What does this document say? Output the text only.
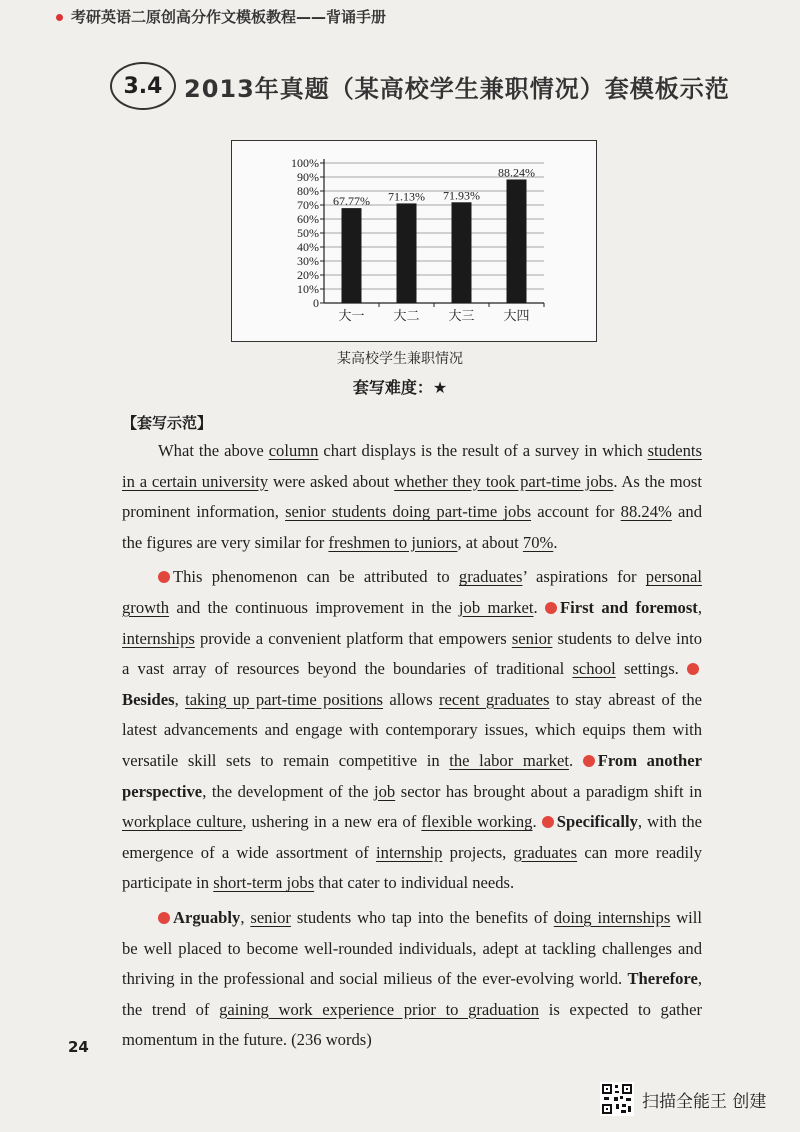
考研英语二原创高分作文模板教程——背诵手册
3.4 2013年真题（某高校学生兼职情况）套模板示范
0
10%
20%
30%
40%
50%
60%
70%
80%
90%
100%
67.77%
大一
71.13%
大二
71.93%
大三
88.24%
大四
某高校学生兼职情况
套写难度：★
【套写示范】

What the above column chart displays is the result of a survey in which students in a certain university were asked about whether they took part-time jobs. As the most prominent information, senior students doing part-time jobs account for 88.24% and the figures are very similar for freshmen to juniors, at about 70%.

This phenomenon can be attributed to graduates’ aspirations for personal growth and the continuous improvement in the job market. First and foremost, internships provide a convenient platform that empowers senior students to delve into a vast array of resources beyond the boundaries of traditional school settings. Besides, taking up part-time positions allows recent graduates to stay abreast of the latest advancements and engage with contemporary issues, which equips them with versatile skill sets to remain competitive in the labor market. From another perspective, the development of the job sector has brought about a paradigm shift in workplace culture, ushering in a new era of flexible working. Specifically, with the emergence of a wide assortment of internship projects, graduates can more readily participate in short-term jobs that cater to individual needs.

Arguably, senior students who tap into the benefits of doing internships will be well placed to become well-rounded individuals, adept at tackling challenges and thriving in the professional and social milieus of the ever-evolving world. Therefore, the trend of gaining work experience prior to graduation is expected to gather momentum in the future. (236 words)

24
扫描全能王 创建
